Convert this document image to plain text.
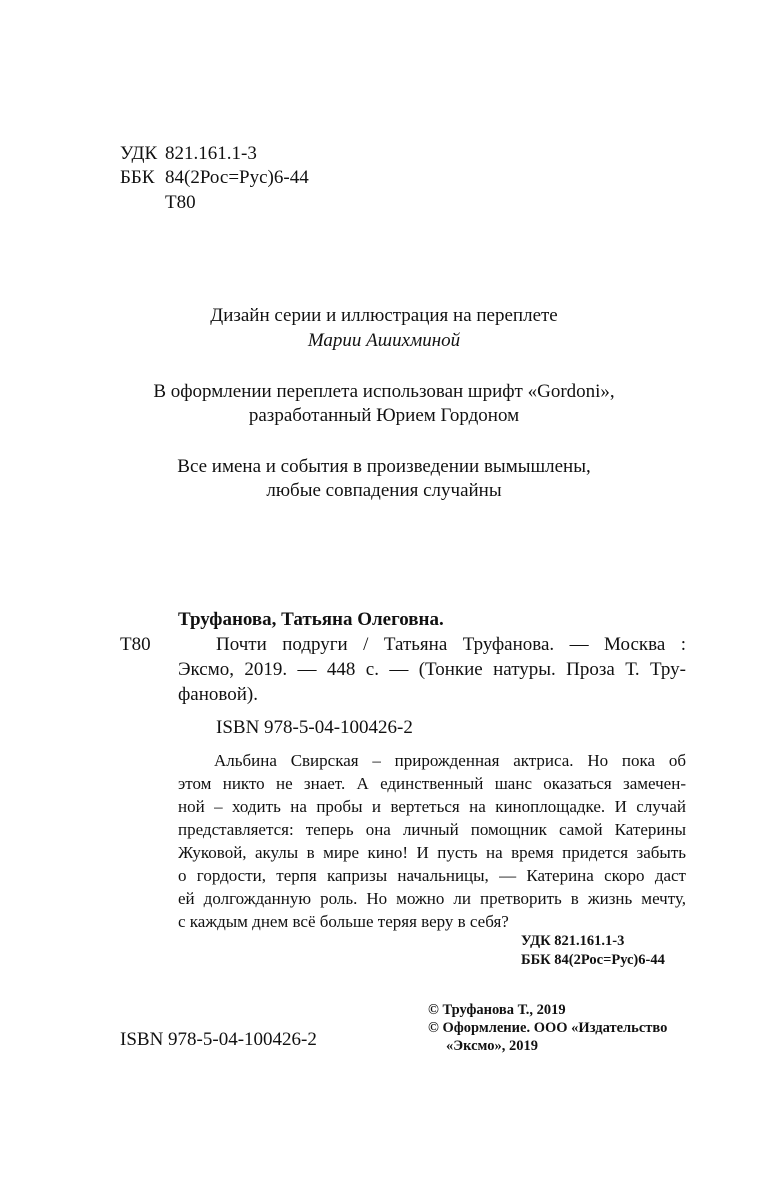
УДК 821.161.1-3
ББК 84(2Рос=Рус)6-44
Т80
Дизайн серии и иллюстрация на переплете
Марии Ашихминой
В оформлении переплета использован шрифт «Gordoni»,
разработанный Юрием Гордоном
Все имена и события в произведении вымышлены,
любые совпадения случайны
Труфанова, Татьяна Олеговна.
Т80	Почти подруги / Татьяна Труфанова. — Москва :
Эксмо, 2019. — 448 с. — (Тонкие натуры. Проза Т. Тру-
фановой).
ISBN 978-5-04-100426-2
Альбина Свирская – прирожденная актриса. Но пока об
этом никто не знает. А единственный шанс оказаться замечен-
ной – ходить на пробы и вертеться на киноплощадке. И случай
представляется: теперь она личный помощник самой Катерины
Жуковой, акулы в мире кино! И пусть на время придется забыть
о гордости, терпя капризы начальницы, — Катерина скоро даст
ей долгожданную роль. Но можно ли претворить в жизнь мечту,
с каждым днем всё больше теряя веру в себя?
УДК 821.161.1-3
ББК 84(2Рос=Рус)6-44
© Труфанова Т., 2019
© Оформление. ООО «Издательство
«Эксмо», 2019
ISBN 978-5-04-100426-2
